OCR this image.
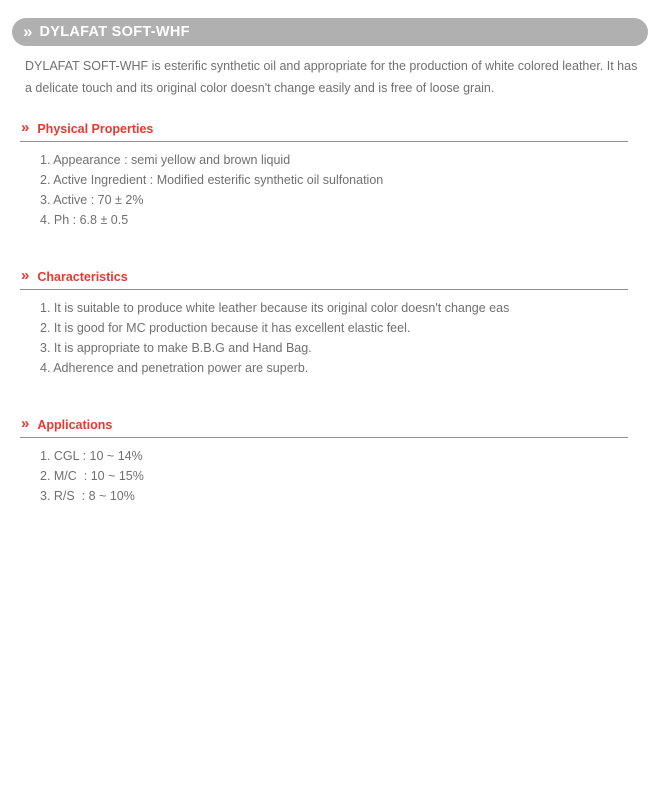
» DYLAFAT SOFT-WHF

DYLAFAT SOFT-WHF is esterific synthetic oil and appropriate for the production of white colored leather. It has a delicate touch and its original color doesn't change easily and is free of loose grain.

» Physical Properties
1. Appearance : semi yellow and brown liquid
2. Active Ingredient : Modified esterific synthetic oil sulfonation
3. Active : 70 ± 2%
4. Ph : 6.8 ± 0.5
» Characteristics
1. It is suitable to produce white leather because its original color doesn't change eas
2. It is good for MC production because it has excellent elastic feel.
3. It is appropriate to make B.B.G and Hand Bag.
4. Adherence and penetration power are superb.
» Applications
1. CGL : 10 ~ 14%
2. M/C  : 10 ~ 15%
3. R/S  : 8 ~ 10%
